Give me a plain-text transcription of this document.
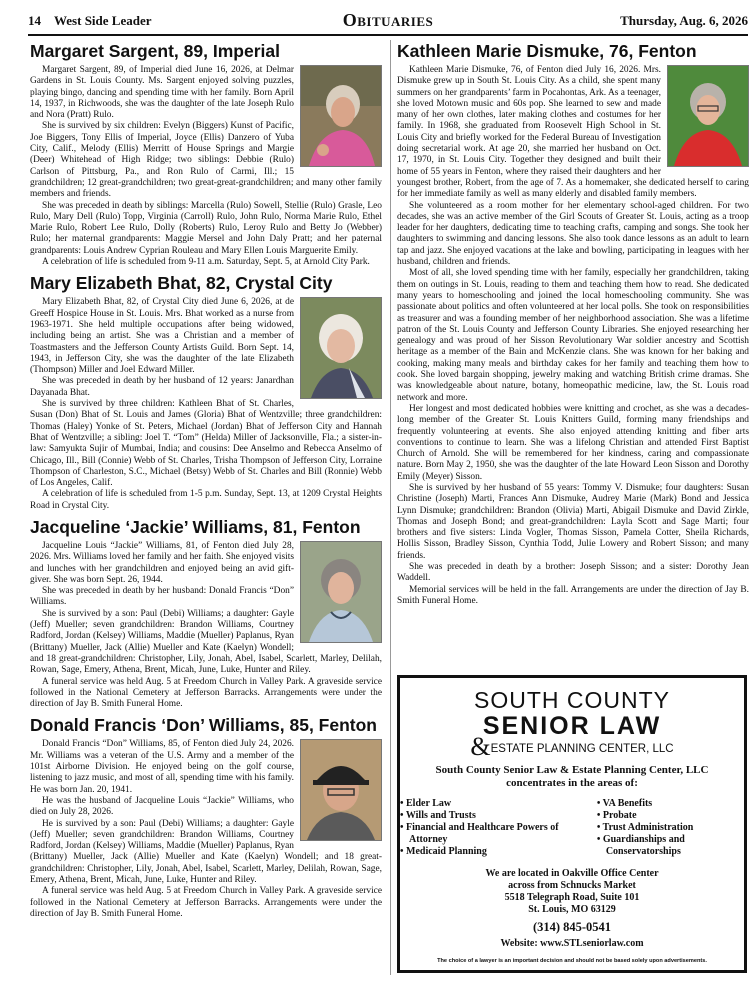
14 West Side Leader	Obituaries	Thursday, Aug. 6, 2026
Margaret Sargent, 89, Imperial

Margaret Sargent, 89, of Imperial died June 16, 2026, at Delmar Gardens in St. Louis County. Ms. Sargent enjoyed solving puzzles, playing bingo, dancing and spending time with her family. Born April 14, 1937, in Richwoods, she was the daughter of the late Joseph Rulo and Nora (Pratt) Rulo.

She is survived by six children: Evelyn (Biggers) Kunst of Pacific, Joe Biggers, Tony Ellis of Imperial, Joyce (Ellis) Danzero of Yuba City, Calif., Melody (Ellis) Merritt of House Springs and Margie (Deer) Whitehead of High Ridge; two siblings: Debbie (Rulo) Carlson of Pittsburg, Pa., and Ron Rulo of Carmi, Ill.; 15 grandchildren; 12 great-grandchildren; two great-great-grandchildren; and many other family members and friends.

She was preceded in death by siblings: Marcella (Rulo) Sowell, Stellie (Rulo) Grasle, Leo Rulo, Mary Dell (Rulo) Topp, Virginia (Carroll) Rulo, John Rulo, Norma Marie Rulo, Ethel Marie Rulo, Robert Lee Rulo, Dolly (Roberts) Rulo, Leroy Rulo and Betty Jo (Webber) Rulo; her maternal grandparents: Maggie Mersel and John Daly Pratt; and her paternal grandparents: Louis Andrew Cyprian Rouleau and Mary Ellen Louis Marguerite Emily.

A celebration of life is scheduled from 9-11 a.m. Saturday, Sept. 5, at Arnold City Park.

Mary Elizabeth Bhat, 82, Crystal City

Mary Elizabeth Bhat, 82, of Crystal City died June 6, 2026, at de Greeff Hospice House in St. Louis. Mrs. Bhat worked as a nurse from 1963-1971. She held multiple occupations after being widowed, including being an artist. She was a Christian and a member of Toastmasters and the Jefferson County Artists Guild. Born Sept. 14, 1943, in Jefferson City, she was the daughter of the late Elizabeth (Thompson) Miller and Joel Edward Miller.

She was preceded in death by her husband of 12 years: Janardhan Dayanada Bhat.

She is survived by three children: Kathleen Bhat of St. Charles, Susan (Don) Bhat of St. Louis and James (Gloria) Bhat of Wentzville; three grandchildren: Thomas (Haley) Yonke of St. Peters, Michael (Jordan) Bhat of Jefferson City and Hannah Bhat of Wentzville; a sibling: Joel T. “Tom” (Helda) Miller of Jacksonville, Fla.; a sister-in-law: Samyukta Sujir of Mumbai, India; and cousins: Dee Anselmo and Rebecca Anselmo of Chicago, Ill., Bill (Connie) Webb of St. Charles, Trisha Thompson of Jefferson City, Lorraine Thompson of Charleston, S.C., Michael (Betsy) Webb of St. Charles and Bill (Ronnie) Webb of Los Angeles, Calif.

A celebration of life is scheduled from 1-5 p.m. Sunday, Sept. 13, at 1209 Crystal Heights Road in Crystal City.

Jacqueline ‘Jackie’ Williams, 81, Fenton

Jacqueline Louis “Jackie” Williams, 81, of Fenton died July 28, 2026. Mrs. Williams loved her family and her faith. She enjoyed visits and lunches with her grandchildren and enjoyed being an avid gift-giver. She was born Sept. 26, 1944.

She was preceded in death by her husband: Donald Francis “Don” Williams.

She is survived by a son: Paul (Debi) Williams; a daughter: Gayle (Jeff) Mueller; seven grandchildren: Brandon Williams, Courtney Radford, Jordan (Kelsey) Williams, Maddie (Mueller) Paplanus, Ryan (Brittany) Mueller, Jack (Allie) Mueller and Kate (Kaelyn) Wondell; and 18 great-grandchildren: Christopher, Lily, Jonah, Abel, Isabel, Scarlett, Marley, Delilah, Rowan, Sage, Emery, Athena, Brent, Micah, June, Luke, Hunter and Riley.

A funeral service was held Aug. 5 at Freedom Church in Valley Park. A graveside service followed in the National Cemetery at Jefferson Barracks. Arrangements were under the direction of Jay B. Smith Funeral Home.

Donald Francis ‘Don’ Williams, 85, Fenton

Donald Francis “Don” Williams, 85, of Fenton died July 24, 2026. Mr. Williams was a veteran of the U.S. Army and a member of the 101st Airborne Division. He enjoyed being on the golf course, listening to jazz music, and most of all, spending time with his family. He was born Jan. 20, 1941.

He was the husband of Jacqueline Louis “Jackie” Williams, who died on July 28, 2026.

He is survived by a son: Paul (Debi) Williams; a daughter: Gayle (Jeff) Mueller; seven grandchildren: Brandon Williams, Courtney Radford, Jordan (Kelsey) Williams, Maddie (Mueller) Paplanus, Ryan (Brittany) Mueller, Jack (Allie) Mueller and Kate (Kaelyn) Wondell; and 18 great-grandchildren: Christopher, Lily, Jonah, Abel, Isabel, Scarlett, Marley, Delilah, Rowan, Sage, Emery, Athena, Brent, Micah, June, Luke, Hunter and Riley.

A funeral service was held Aug. 5 at Freedom Church in Valley Park. A graveside service followed in the National Cemetery at Jefferson Barracks. Arrangements were under the direction of Jay B. Smith Funeral Home.

Kathleen Marie Dismuke, 76, Fenton

Kathleen Marie Dismuke, 76, of Fenton died July 16, 2026. Mrs. Dismuke grew up in South St. Louis City. As a child, she spent many summers on her grandparents’ farm in Pocahontas, Ark. As a teenager, she loved Motown music and 60s pop. She learned to sew and made many of her own clothes, later making clothes and costumes for her family. In 1968, she graduated from Roosevelt High School in St. Louis City and briefly worked for the Federal Bureau of Investigation doing secretarial work. At age 20, she married her husband on Oct. 17, 1970, in St. Louis City. Together they designed and built their home of 55 years in Fenton, where they raised their daughters and her youngest brother, Robert, from the age of 7. As a homemaker, she dedicated herself to caring for her immediate family as well as many elderly and disabled family members.

She volunteered as a room mother for her elementary school-aged children. For two decades, she was an active member of the Girl Scouts of Greater St. Louis, acting as a troop leader for her daughters, dedicating time to teaching crafts, camping and songs. She took her daughters to swimming and dancing lessons. She also took dance lessons as an adult to learn tap and jazz. She enjoyed vacations at the lake and bowling, participating in leagues with her husband, children and friends.

Most of all, she loved spending time with her family, especially her grandchildren, taking them on outings in St. Louis, reading to them and teaching them how to read. She dedicated many years to homeschooling and joined the local homeschooling community. She was passionate about politics and often volunteered at her local polls. She took on responsibilities as treasurer and was a founding member of her neighborhood association. She was a lifetime patron of the St. Louis County and Jefferson County Libraries. She enjoyed researching her genealogy and was proud of her Sisson Revolutionary War soldier ancestry and Scottish heritage as a member of the Bain and McKenzie clans. She was known for her baking and cooking, making many meals and birthday cakes for her family and teaching them how to cook. She loved bargain shopping, jewelry making and watching British crime dramas. She was knowledgeable about nature, botany, homeopathic medicine, law, the St. Louis road network and more.

Her longest and most dedicated hobbies were knitting and crochet, as she was a decades-long member of the Greater St. Louis Knitters Guild, forming many friendships and frequently volunteering at events. She also enjoyed attending knitting and fiber arts conventions to continue to learn. She was a lifelong Christian and attended First Baptist Church of Arnold. She will be remembered for her kindness, caring and compassionate nature. Born May 2, 1950, she was the daughter of the late Howard Leon Sisson and Dorothy Emily (Meyer) Sisson.

She is survived by her husband of 55 years: Tommy V. Dismuke; four daughters: Susan Christine (Joseph) Marti, Frances Ann Dismuke, Audrey Marie (Mark) Bond and Jessica Lynn Dismuke; grandchildren: Brandon (Olivia) Marti, Abigail Dismuke and David Zirkle, Thomas and Joseph Bond; and great-grandchildren: Layla Scott and Sage Marti; four brothers and five sisters: Linda Vogler, Thomas Sisson, Pamela Cotter, Sheila Richards, Hollis Sisson, Bradley Sisson, Cynthia Todd, Julie Lowery and Robert Sisson; and many friends.

She was preceded in death by a brother: Joseph Sisson; and a sister: Dorothy Jean Waddell.

Memorial services will be held in the fall. Arrangements are under the direction of Jay B. Smith Funeral Home.

SOUTH COUNTY
SENIOR LAW
&ESTATE PLANNING CENTER, LLC
South County Senior Law & Estate Planning Center, LLC
concentrates in the areas of:
• Elder Law
• Wills and Trusts
• Financial and Healthcare Powers of Attorney
• Medicaid Planning
• VA Benefits
• Probate
• Trust Administration
• Guardianships and Conservatorships
We are located in Oakville Office Center
across from Schnucks Market
5518 Telegraph Road, Suite 101
St. Louis, MO 63129
(314) 845-0541
Website: www.STLseniorlaw.com
The choice of a lawyer is an important decision and should not be based solely upon advertisements.
